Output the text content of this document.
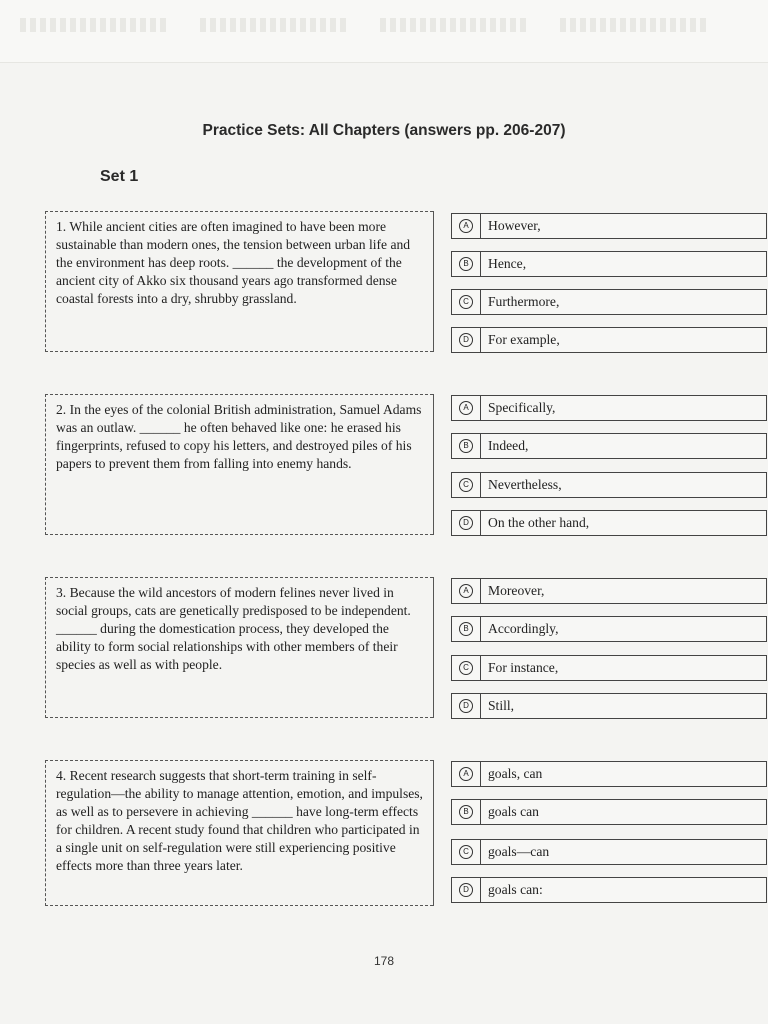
Practice Sets: All Chapters (answers pp. 206-207)
Set 1
1. While ancient cities are often imagined to have been more sustainable than modern ones, the tension between urban life and the environment has deep roots. ______ the development of the ancient city of Akko six thousand years ago transformed dense coastal forests into a dry, shrubby grassland.
A	However,
B	Hence,
C	Furthermore,
D	For example,
2. In the eyes of the colonial British administration, Samuel Adams was an outlaw. ______ he often behaved like one: he erased his fingerprints, refused to copy his letters, and destroyed piles of his papers to prevent them from falling into enemy hands.
A	Specifically,
B	Indeed,
C	Nevertheless,
D	On the other hand,
3. Because the wild ancestors of modern felines never lived in social groups, cats are genetically predisposed to be independent. ______ during the domestication process, they developed the ability to form social relationships with other members of their species as well as with people.
A	Moreover,
B	Accordingly,
C	For instance,
D	Still,
4. Recent research suggests that short-term training in self-regulation—the ability to manage attention, emotion, and impulses, as well as to persevere in achieving ______ have long-term effects for children. A recent study found that children who participated in a single unit on self-regulation were still experiencing positive effects more than three years later.
A	goals, can
B	goals can
C	goals—can
D	goals can:
178
